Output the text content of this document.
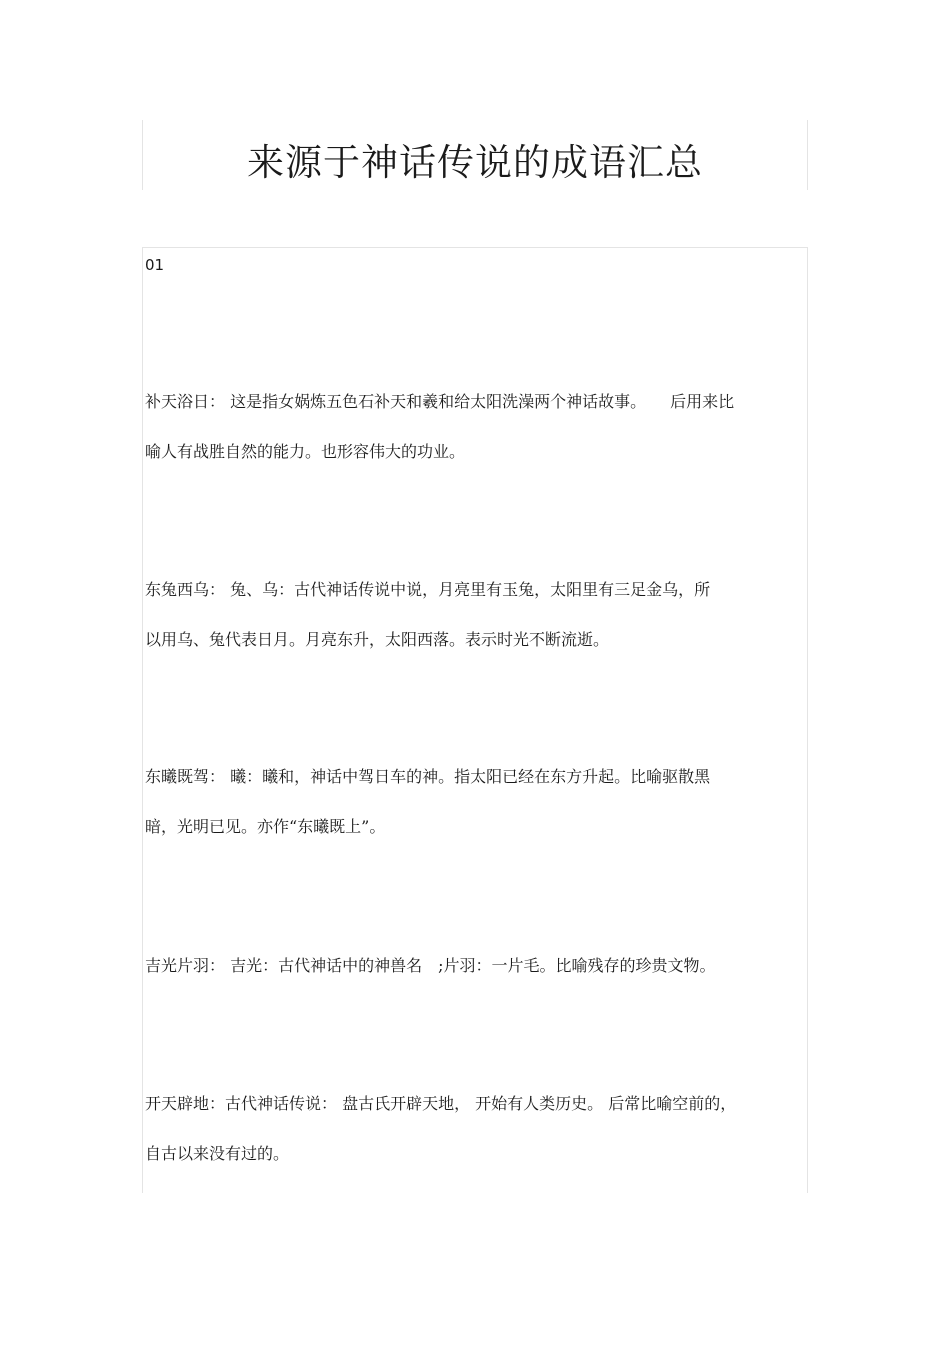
来源于神话传说的成语汇总
01

补天浴日： 这是指女娲炼五色石补天和羲和给太阳洗澡两个神话故事。　　后用来比
喻人有战胜自然的能力。也形容伟大的功业。

东兔西乌： 兔、乌：古代神话传说中说，月亮里有玉兔，太阳里有三足金乌，所
以用乌、兔代表日月。月亮东升，太阳西落。表示时光不断流逝。

东曦既驾： 曦：曦和，神话中驾日车的神。指太阳已经在东方升起。比喻驱散黑
暗，光明已见。亦作“东曦既上”。

吉光片羽： 吉光：古代神话中的神兽名　;片羽：一片毛。比喻残存的珍贵文物。

开天辟地：古代神话传说： 盘古氏开辟天地， 开始有人类历史。 后常比喻空前的，
自古以来没有过的。
